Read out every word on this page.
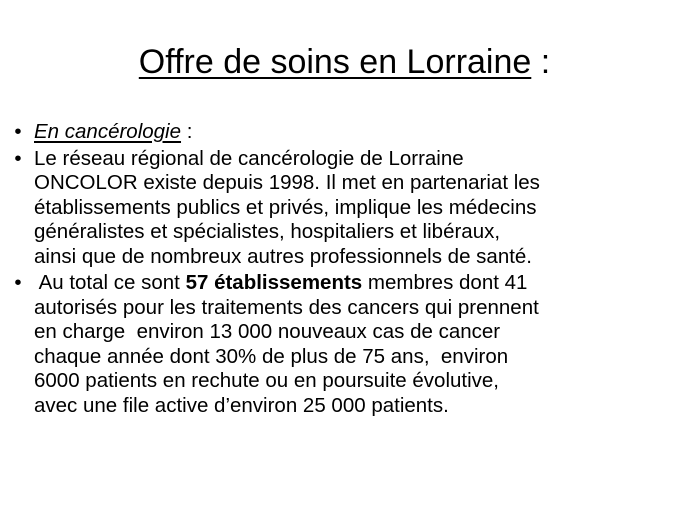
Offre de soins en Lorraine :
• En cancérologie :
• Le réseau régional de cancérologie de Lorraine
ONCOLOR existe depuis 1998. Il met en partenariat les
établissements publics et privés, implique les médecins
généralistes et spécialistes, hospitaliers et libéraux,
ainsi que de nombreux autres professionnels de santé.
• Au total ce sont 57 établissements membres dont 41
autorisés pour les traitements des cancers qui prennent
en charge  environ 13 000 nouveaux cas de cancer
chaque année dont 30% de plus de 75 ans,  environ
6000 patients en rechute ou en poursuite évolutive,
avec une file active d’environ 25 000 patients.
